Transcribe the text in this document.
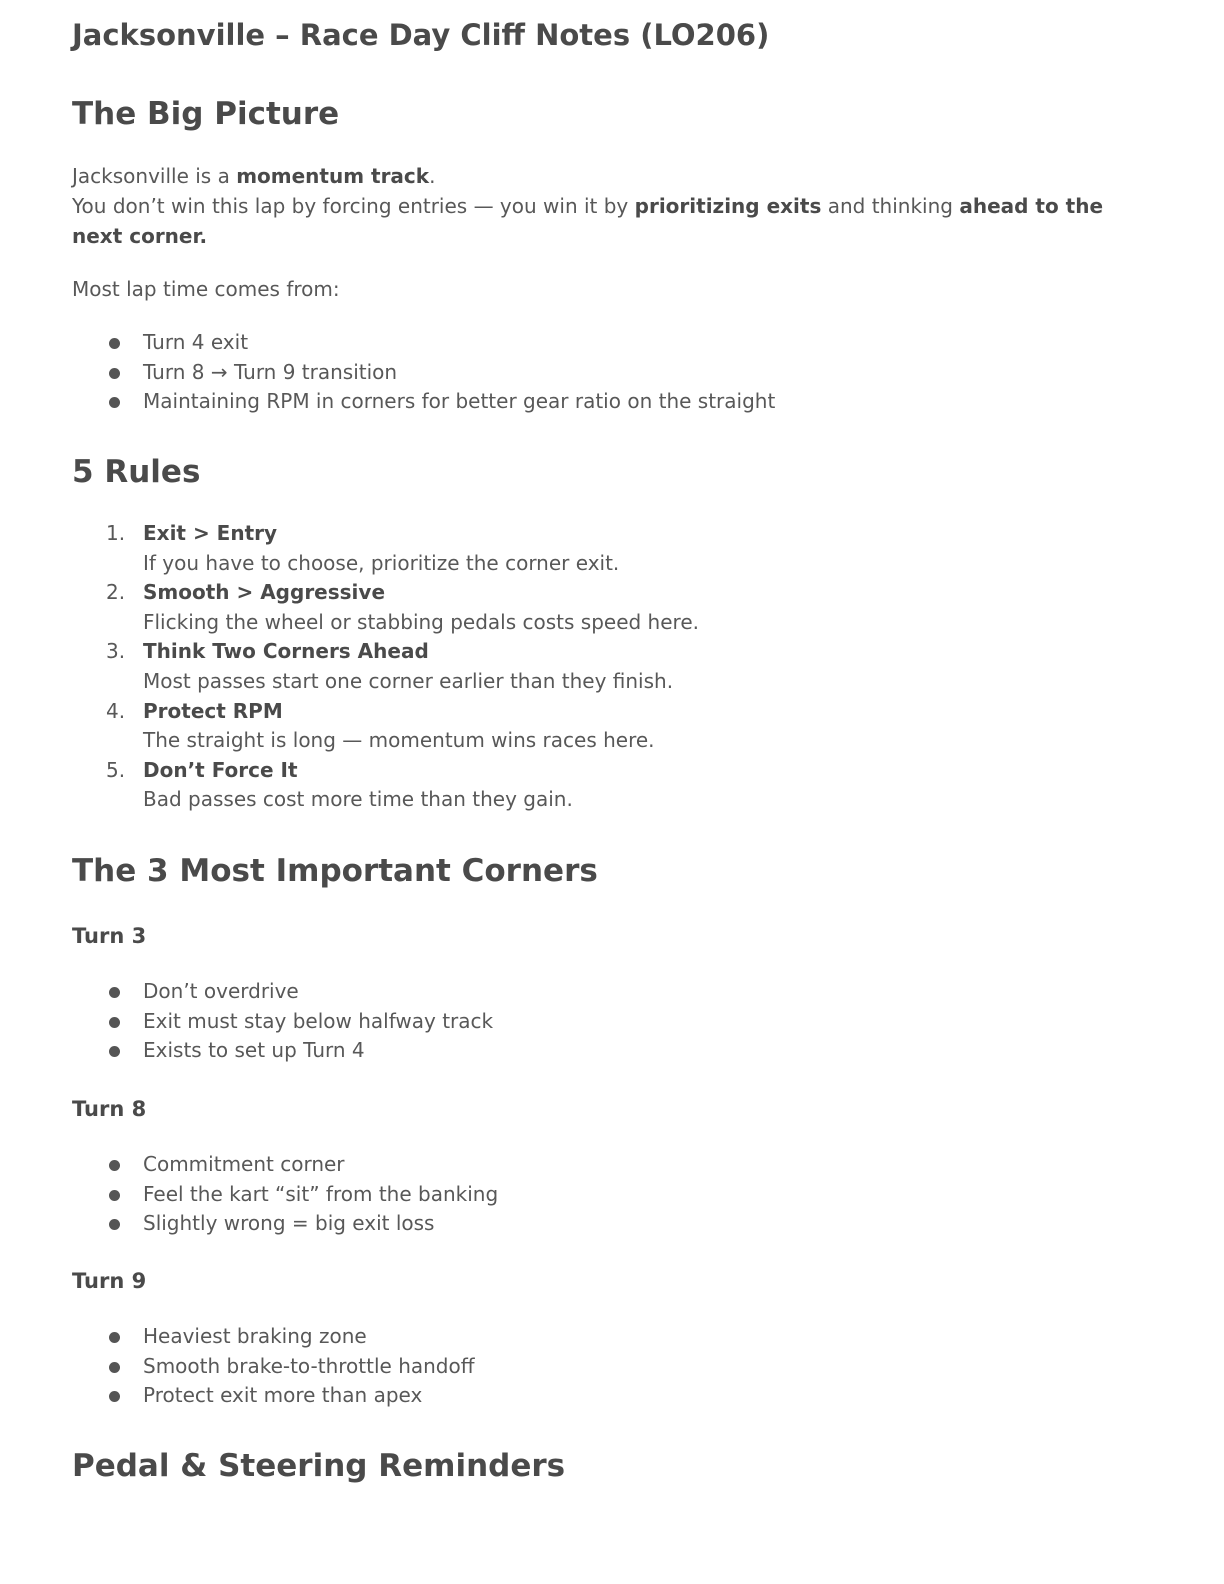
Jacksonville – Race Day Cliff Notes (LO206)
The Big Picture

Jacksonville is a momentum track.
You don’t win this lap by forcing entries — you win it by prioritizing exits and thinking ahead to the next corner.

Most lap time comes from:

Turn 4 exit
Turn 8 → Turn 9 transition
Maintaining RPM in corners for better gear ratio on the straight
5 Rules
1. Exit > Entry
If you have to choose, prioritize the corner exit.
2. Smooth > Aggressive
Flicking the wheel or stabbing pedals costs speed here.
3. Think Two Corners Ahead
Most passes start one corner earlier than they finish.
4. Protect RPM
The straight is long — momentum wins races here.
5. Don’t Force It
Bad passes cost more time than they gain.
The 3 Most Important Corners
Turn 3
Don’t overdrive
Exit must stay below halfway track
Exists to set up Turn 4
Turn 8
Commitment corner
Feel the kart “sit” from the banking
Slightly wrong = big exit loss
Turn 9
Heaviest braking zone
Smooth brake-to-throttle handoff
Protect exit more than apex
Pedal & Steering Reminders
